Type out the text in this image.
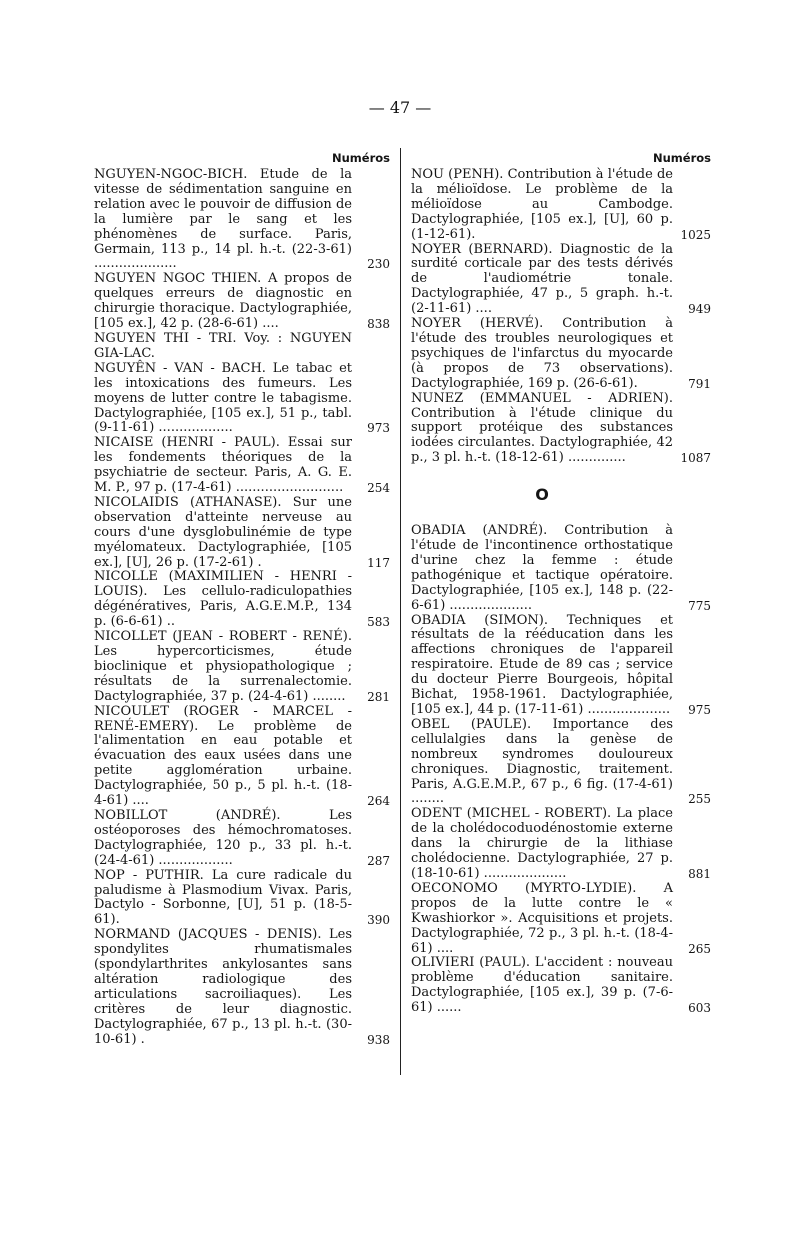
— 47 —
Numéros
NGUYEN-NGOC-BICH. Etude de la vitesse de sédimentation sanguine en relation avec le pouvoir de diffusion de la lumière par le sang et les phénomènes de surface. Paris, Germain, 113 p., 14 pl. h.-t. (22-3-61) ....................	230
NGUYEN NGOC THIEN. A propos de quelques erreurs de diagnostic en chirurgie thoracique. Dactylographiée, [105 ex.], 42 p. (28-6-61) ....	838
NGUYEN THI - TRI. Voy. : NGUYEN GIA-LAC.
NGUYÊN - VAN - BACH. Le tabac et les intoxications des fumeurs. Les moyens de lutter contre le tabagisme. Dactylographiée, [105 ex.], 51 p., tabl. (9-11-61) ..................	973
NICAISE (HENRI - PAUL). Essai sur les fondements théoriques de la psychiatrie de secteur. Paris, A. G. E. M. P., 97 p. (17-4-61) ..........................	254
NICOLAIDIS (ATHANASE). Sur une observation d'atteinte nerveuse au cours d'une dysglobulinémie de type myélomateux. Dactylographiée, [105 ex.], [U], 26 p. (17-2-61) .	117
NICOLLE (MAXIMILIEN - HENRI - LOUIS). Les cellulo-radiculopathies dégénératives, Paris, A.G.E.M.P., 134 p. (6-6-61) ..	583
NICOLLET (JEAN - ROBERT - RENÉ). Les hypercorticismes, étude bioclinique et physiopathologique ; résultats de la surrenalectomie. Dactylographiée, 37 p. (24-4-61) ........	281
NICOULET (ROGER - MARCEL - RENÉ-EMERY). Le problème de l'alimentation en eau potable et évacuation des eaux usées dans une petite agglomération urbaine. Dactylographiée, 50 p., 5 pl. h.-t. (18-4-61) ....	264
NOBILLOT (ANDRÉ). Les ostéoporoses des hémochromatoses. Dactylographiée, 120 p., 33 pl. h.-t. (24-4-61) ..................	287
NOP - PUTHIR. La cure radicale du paludisme à Plasmodium Vivax. Paris, Dactylo - Sorbonne, [U], 51 p. (18-5-61).	390
NORMAND (JACQUES - DENIS). Les spondylites rhumatismales (spondylarthrites ankylosantes sans altération radiologique des articulations sacroiliaques). Les critères de leur diagnostic. Dactylographiée, 67 p., 13 pl. h.-t. (30-10-61) .	938
Numéros
NOU (PENH). Contribution à l'étude de la mélioïdose. Le problème de la mélioïdose au Cambodge. Dactylographiée, [105 ex.], [U], 60 p. (1-12-61).	1025
NOYER (BERNARD). Diagnostic de la surdité corticale par des tests dérivés de l'audiométrie tonale. Dactylographiée, 47 p., 5 graph. h.-t. (2-11-61) ....	949
NOYER (HERVÉ). Contribution à l'étude des troubles neurologiques et psychiques de l'infarctus du myocarde (à propos de 73 observations). Dactylographiée, 169 p. (26-6-61).	791
NUNEZ (EMMANUEL - ADRIEN). Contribution à l'étude clinique du support protéique des substances iodées circulantes. Dactylographiée, 42 p., 3 pl. h.-t. (18-12-61) ..............	1087
O
OBADIA (ANDRÉ). Contribution à l'étude de l'incontinence orthostatique d'urine chez la femme : étude pathogénique et tactique opératoire. Dactylographiée, [105 ex.], 148 p. (22-6-61) ....................	775
OBADIA (SIMON). Techniques et résultats de la rééducation dans les affections chroniques de l'appareil respiratoire. Etude de 89 cas ; service du docteur Pierre Bourgeois, hôpital Bichat, 1958-1961. Dactylographiée, [105 ex.], 44 p. (17-11-61) .................... 975
OBEL (PAULE). Importance des cellulalgies dans la genèse de nombreux syndromes douloureux chroniques. Diagnostic, traitement. Paris, A.G.E.M.P., 67 p., 6 fig. (17-4-61) ........	255
ODENT (MICHEL - ROBERT). La place de la cholédocoduodénostomie externe dans la chirurgie de la lithiase cholédocienne. Dactylographiée, 27 p. (18-10-61) ....................	881
OECONOMO (MYRTO-LYDIE). A propos de la lutte contre le « Kwashiorkor ». Acquisitions et projets. Dactylographiée, 72 p., 3 pl. h.-t. (18-4-61) ....	265
OLIVIERI (PAUL). L'accident : nouveau problème d'éducation sanitaire. Dactylographiée, [105 ex.], 39 p. (7-6-61) ......	603
